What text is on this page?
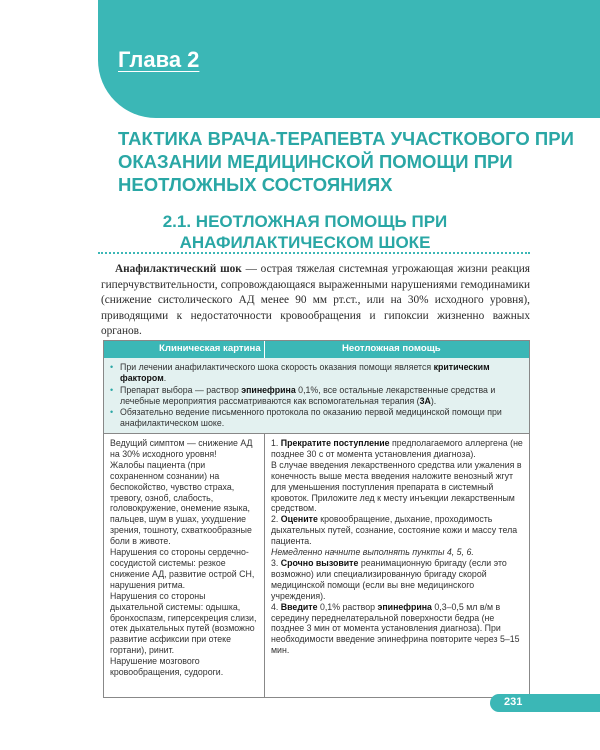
Глава 2
ТАКТИКА ВРАЧА-ТЕРАПЕВТА УЧАСТКОВОГО ПРИ ОКАЗАНИИ МЕДИЦИНСКОЙ ПОМОЩИ ПРИ НЕОТЛОЖНЫХ СОСТОЯНИЯХ
2.1. НЕОТЛОЖНАЯ ПОМОЩЬ ПРИ АНАФИЛАКТИЧЕСКОМ ШОКЕ
Анафилактический шок — острая тяжелая системная угрожающая жизни реакция гиперчувствительности, сопровождающаяся выраженными нарушениями гемодинамики (снижение систолического АД менее 90 мм рт.ст., или на 30% исходного уровня), приводящими к недостаточности кровообращения и гипоксии жизненно важных органов.
Клиническая картина	Неотложная помощь
• При лечении анафилактического шока скорость оказания помощи является критическим фактором.
• Препарат выбора — раствор эпинефрина 0,1%, все остальные лекарственные средства и лечебные мероприятия рассматриваются как вспомогательная терапия (3А).
• Обязательно ведение письменного протокола по оказанию первой медицинской помощи при анафилактическом шоке.

Ведущий симптом — снижение АД на 30% исходного уровня!

Жалобы пациента (при сохраненном сознании) на беспокойство, чувство страха, тревогу, озноб, слабость, головокружение, онемение языка, пальцев, шум в ушах, ухудшение зрения, тошноту, схваткообразные боли в животе.

Нарушения со стороны сердечно-сосудистой системы: резкое снижение АД, развитие острой СН, нарушения ритма.

Нарушения со стороны дыхательной системы: одышка, бронхоспазм, гиперсекреция слизи, отек дыхательных путей (возможно развитие асфиксии при отеке гортани), ринит.

Нарушение мозгового кровообращения, судороги.

1. Прекратите поступление предполагаемого аллергена (не позднее 30 с от момента установления диагноза).

В случае введения лекарственного средства или ужаления в конечность выше места введения наложите венозный жгут для уменьшения поступления препарата в системный кровоток. Приложите лед к месту инъекции лекарственным средством.

2. Оцените кровообращение, дыхание, проходимость дыхательных путей, сознание, состояние кожи и массу тела пациента.

Немедленно начните выполнять пункты 4, 5, 6.

3. Срочно вызовите реанимационную бригаду (если это возможно) или специализированную бригаду скорой медицинской помощи (если вы вне медицинского учреждения).

4. Введите 0,1% раствор эпинефрина 0,3–0,5 мл в/м в середину переднелатеральной поверхности бедра (не позднее 3 мин от момента установления диагноза). При необходимости введение эпинефрина повторите через 5–15 мин.

231
